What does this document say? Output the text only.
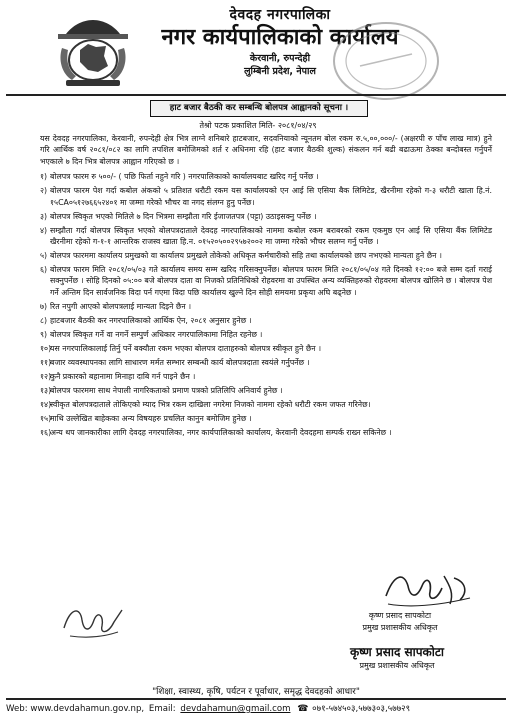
देवदह नगरपालिका
नगर कार्यपालिकाको कार्यालय
केरवानी, रुपन्देही
लुम्बिनी प्रदेश, नेपाल
हाट बजार बैठकी कर सम्बन्धि बोलपत्र आह्वानको सूचना ।
तेश्रो पटक प्रकाशित मिति- २०८१/०४/२९

यस देवदह नगरपालिका, केरवानी, रुपन्देही क्षेत्र भित्र लाग्ने शनिबारे हाटबजार, सदवनियाको न्यूनतम बोल रकम रु.५,००,०००/- (अक्षरपी रु पाँच लाख मात्र) हुने गरि आर्थिक वर्ष २०८१/०८२ का लागि तपशिल बमोजिमको शर्त र अधिनमा रहि (हाट बजार बैठकी शुल्क) संकलन गर्न बढी बढाऊमा ठेक्का बन्दोबस्त गर्नुपर्ने भएकाले ७ दिन भित्र बोलपत्र आह्वान गरिएको छ ।

१) बोलपत्र फारम रु ५००/- ( पछि फिर्ता नहुने गरि ) नगरपालिकाको कार्यालयबाट खरिद गर्नु पर्नेछ ।
२) बोलपत्र फारम पेश गर्दा कबोल अंकको ५ प्रतिशत धरौटी रकम यस कार्यालयको एन आई सि एसिया बैक लिमिटेड, खैरनीमा रहेको ग-३ धरौटी खाता हि.नं. १५CA०५१२७६६५२४०१ मा जम्मा गरेको भौचर वा नगद संलग्न हुनु पर्नेछ।
३) बोलपत्र स्विकृत भएको मितिले ७ दिन भित्रमा सम्झौता गरि ईजाजतपत्र (पट्टा) उठाइसक्नु पर्नेछ ।
४) सम्झौता गर्दा बोलपत्र स्विकृत भएको बोलपत्रदाताले देवदह नगरपालिकाको नाममा कबोल रकम बराबरको रकम एकमुष्ठ एन आई सि एसिया बैंक लिमिटेड खैरनीमा रहेको ग-१-१ आन्तरिक राजस्व खाता हि.न. ०१५२०५००२९५७२००२ मा जम्मा गरेको भौचर सलग्न गर्नु पर्नेछ ।
५) बोलपत्र फारममा कार्यालय प्रमुखको वा कार्यालय प्रमुखले तोकेको अधिकृत कर्मचारीको सहि तथा कार्यालयको छाप नभएको मान्यता हुने छैन ।
६) बोलपत्र फारम मिति २०८१/०५/०३ गते कार्यालय समय सम्म खरिद गरिसक्नुपर्नेछ। बोलपत्र फारम मिति २०८१/०५/०४ गते दिनको १२:०० बजे सम्म दर्ता गराई सक्नुपर्नेछ । सोहि दिनको ०५:०० बजे बोलपत्र दाता वा निजको प्रतिनिधिको रोहवरमा वा उपस्थित अन्य व्यक्तिहरुको रोहवरमा बोलपत्र खोलिने छ । बोलपत्र पेश गर्ने अन्तिम दिन सार्वजनिक विदा पर्न गएमा विदा पछि कार्यालय खुल्ने दिन सोही समयमा प्रकृया अघि बढ्नेछ ।
७) रित नपुगी आएको बोलपत्रलाई मान्यता दिइने छैन ।
८) हाटबजार बैठकी कर नगरपालिकाको आर्थिक ऐन, २०८१ अनुसार हुनेछ ।
९) बोलपत्र स्विकृत गर्ने वा नगर्ने सम्पुर्ण अधिकार नगरपालिकामा निहित रहनेछ ।
१०)
यस नगरपालिकालाई तिर्नु पर्ने बक्यौता रकम भएका बोलपत्र दाताहरुको बोलपत्र स्वीकृत हुने छैन ।
११)
बजार व्यवस्थापनका लागि साधारण मर्मत सम्भार सम्बन्धी कार्य बोलपत्रदाता स्वयंले गर्नुपर्नेछ ।
१२)
कुनै प्रकारको बहानामा मिनाहा दाबि गर्न पाइने छैन ।
१३)
बोलपत्र फारममा साथ नेपाली नागरिकताको प्रमाण पत्रको प्रतिलिपि अनिवार्य हुनेछ ।
१४)
स्वीकृत बोलपत्रदाताले तोकिएको म्याद भित्र रकम दाखिला नगरेमा निजको नाममा रहेको धरौटी रकम जफत गरिनेछ।
१५)
माथि उल्लेखित बाहेकका अन्य विषयहरु प्रचलित कानुन बमोजिम हुनेछ ।
१६)
अन्य थप जानकारीका लागि देवदह नगरपालिका, नगर कार्यपालिकाको कार्यालय, केरवानी देवदहमा सम्पर्क राख्न सकिनेछ ।
कृष्ण प्रसाद सापकोटा
प्रमुख प्रशासकीय अधिकृत
कृष्ण प्रसाद सापकोटा
प्रमुख प्रशासकीय अधिकृत
"शिक्षा, स्वास्थ्य, कृषि, पर्यटन र पूर्वाधार, समृद्ध देवदहको आधार"
Web: www.devdahamun.gov.np, Email: devdahamun@gmail.com ☎ ०७१-५७४५०३,५७७३०३,५७७२९
